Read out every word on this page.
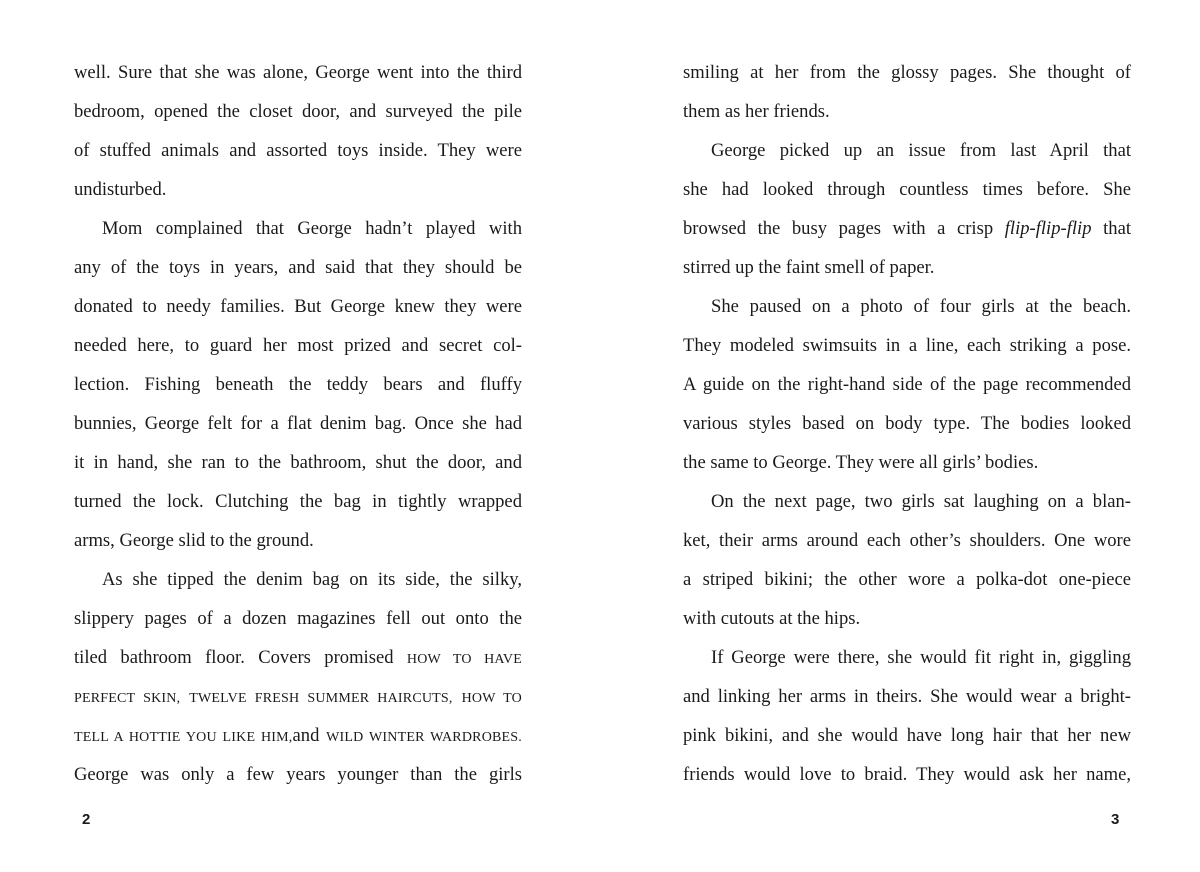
well. Sure that she was alone, George went into the third
bedroom, opened the closet door, and surveyed the pile
of stuffed animals and assorted toys inside. They were
undisturbed.
Mom complained that George hadn’t played with
any of the toys in years, and said that they should be
donated to needy families. But George knew they were
needed here, to guard her most prized and secret col-
lection. Fishing beneath the teddy bears and fluffy
bunnies, George felt for a flat denim bag. Once she had
it in hand, she ran to the bathroom, shut the door, and
turned the lock. Clutching the bag in tightly wrapped
arms, George slid to the ground.
As she tipped the denim bag on its side, the silky,
slippery pages of a dozen magazines fell out onto the
tiled bathroom floor. Covers promised HOW TO HAVE
PERFECT SKIN, TWELVE FRESH SUMMER HAIRCUTS, HOW TO
TELL A HOTTIE YOU LIKE HIM,and WILD WINTER WARDROBES.
George was only a few years younger than the girls
2
smiling at her from the glossy pages. She thought of
them as her friends.
George picked up an issue from last April that
she had looked through countless times before. She
browsed the busy pages with a crisp flip-flip-flip that
stirred up the faint smell of paper.
She paused on a photo of four girls at the beach.
They modeled swimsuits in a line, each striking a pose.
A guide on the right-hand side of the page recommended
various styles based on body type. The bodies looked
the same to George. They were all girls’ bodies.
On the next page, two girls sat laughing on a blan-
ket, their arms around each other’s shoulders. One wore
a striped bikini; the other wore a polka-dot one-piece
with cutouts at the hips.
If George were there, she would fit right in, giggling
and linking her arms in theirs. She would wear a bright-
pink bikini, and she would have long hair that her new
friends would love to braid. They would ask her name,
3
